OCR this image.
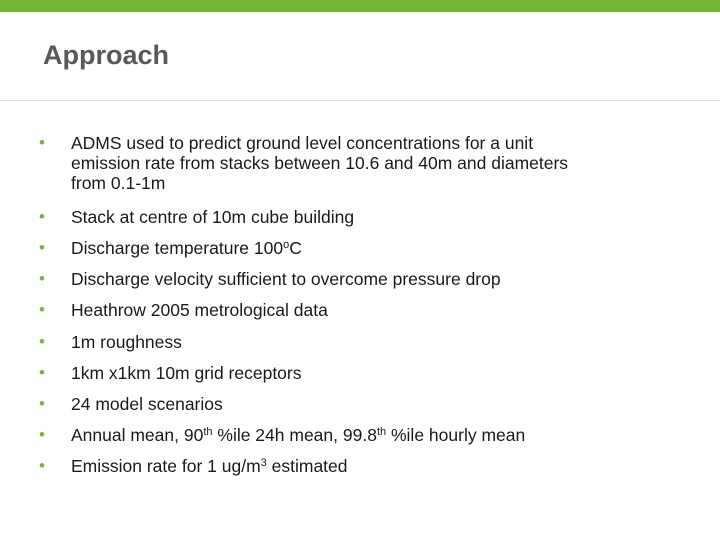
Approach
• ADMS used to predict ground level concentrations for a unit
emission rate from stacks between 10.6 and 40m and diameters
from 0.1-1m
• Stack at centre of 10m cube building
• Discharge temperature 100$^o$C
• Discharge velocity sufficient to overcome pressure drop
• Heathrow 2005 metrological data
• 1m roughness
• 1km x1km 10m grid receptors
• 24 model scenarios
• Annual mean, 90th %ile 24h mean, 99.8th %ile hourly mean
• Emission rate for 1 $ug/m^3$ estimated
